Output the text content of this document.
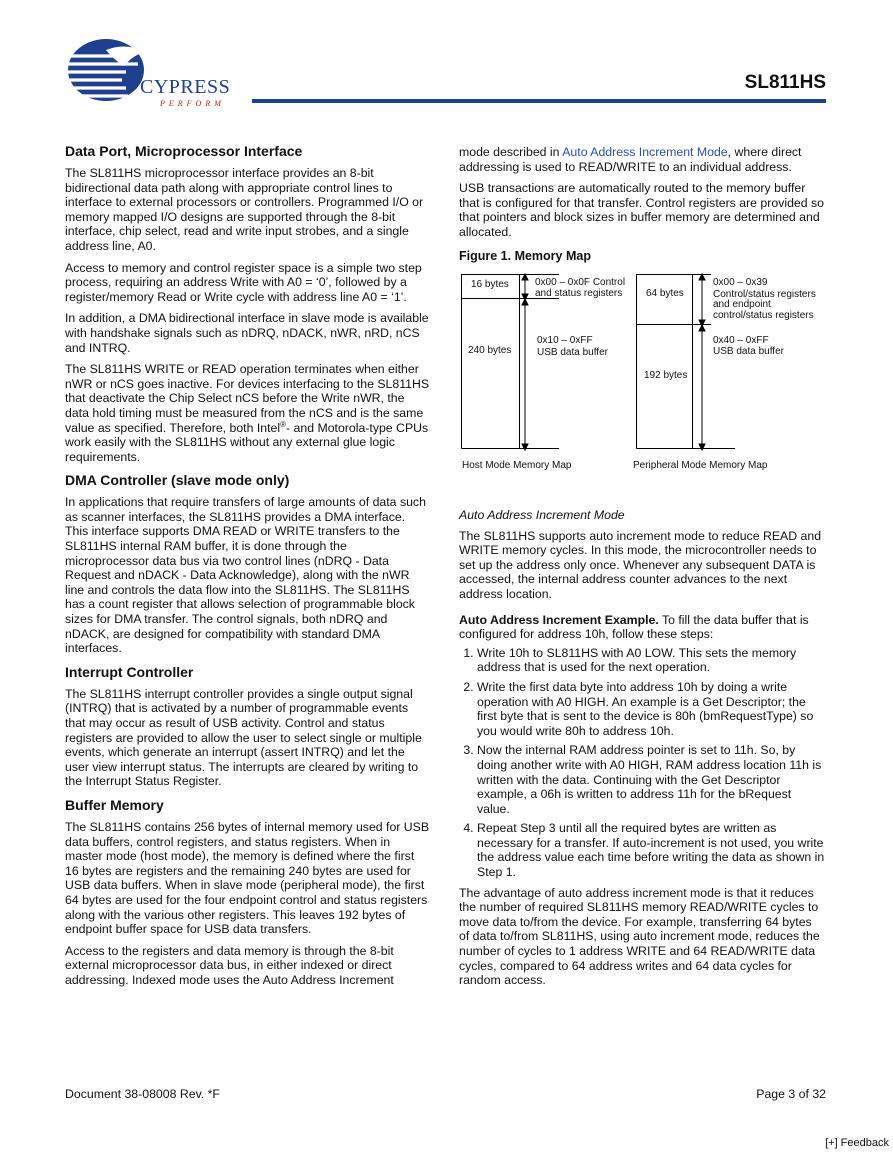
CYPRESS
PERFORM
SL811HS
Data Port, Microprocessor Interface

The SL811HS microprocessor interface provides an 8-bit bidirectional data path along with appropriate control lines to interface to external processors or controllers. Programmed I/O or memory mapped I/O designs are supported through the 8-bit interface, chip select, read and write input strobes, and a single address line, A0.

Access to memory and control register space is a simple two step process, requiring an address Write with A0 = ‘0’, followed by a register/memory Read or Write cycle with address line A0 = ‘1’.

In addition, a DMA bidirectional interface in slave mode is available with handshake signals such as nDRQ, nDACK, nWR, nRD, nCS and INTRQ.

The SL811HS WRITE or READ operation terminates when either nWR or nCS goes inactive. For devices interfacing to the SL811HS that deactivate the Chip Select nCS before the Write nWR, the data hold timing must be measured from the nCS and is the same value as specified. Therefore, both Intel®- and Motorola-type CPUs work easily with the SL811HS without any external glue logic requirements.

DMA Controller (slave mode only)

In applications that require transfers of large amounts of data such as scanner interfaces, the SL811HS provides a DMA interface. This interface supports DMA READ or WRITE transfers to the SL811HS internal RAM buffer, it is done through the microprocessor data bus via two control lines (nDRQ - Data Request and nDACK - Data Acknowledge), along with the nWR line and controls the data flow into the SL811HS. The SL811HS has a count register that allows selection of programmable block sizes for DMA transfer. The control signals, both nDRQ and nDACK, are designed for compatibility with standard DMA interfaces.

Interrupt Controller

The SL811HS interrupt controller provides a single output signal (INTRQ) that is activated by a number of programmable events that may occur as result of USB activity. Control and status registers are provided to allow the user to select single or multiple events, which generate an interrupt (assert INTRQ) and let the user view interrupt status. The interrupts are cleared by writing to the Interrupt Status Register.

Buffer Memory

The SL811HS contains 256 bytes of internal memory used for USB data buffers, control registers, and status registers. When in master mode (host mode), the memory is defined where the first 16 bytes are registers and the remaining 240 bytes are used for USB data buffers. When in slave mode (peripheral mode), the first 64 bytes are used for the four endpoint control and status registers along with the various other registers. This leaves 192 bytes of endpoint buffer space for USB data transfers.

Access to the registers and data memory is through the 8-bit external microprocessor data bus, in either indexed or direct addressing. Indexed mode uses the Auto Address Increment

mode described in Auto Address Increment Mode, where direct addressing is used to READ/WRITE to an individual address.

USB transactions are automatically routed to the memory buffer that is configured for that transfer. Control registers are provided so that pointers and block sizes in buffer memory are determined and allocated.

Figure 1. Memory Map
16 bytes	0x00 – 0x0F Control
and status registers
240 bytes
0x10 – 0xFF
USB data buffer
Host Mode Memory Map
64 bytes
0x00 – 0x39
Control/status registers
and endpoint
control/status registers
0x40 – 0xFF
USB data buffer
192 bytes
Peripheral Mode Memory Map

Auto Address Increment Mode

The SL811HS supports auto increment mode to reduce READ and WRITE memory cycles. In this mode, the microcontroller needs to set up the address only once. Whenever any subsequent DATA is accessed, the internal address counter advances to the next address location.

Auto Address Increment Example. To fill the data buffer that is configured for address 10h, follow these steps:

1. Write 10h to SL811HS with A0 LOW. This sets the memory address that is used for the next operation.
2. Write the first data byte into address 10h by doing a write operation with A0 HIGH. An example is a Get Descriptor; the first byte that is sent to the device is 80h (bmRequestType) so you would write 80h to address 10h.
3. Now the internal RAM address pointer is set to 11h. So, by doing another write with A0 HIGH, RAM address location 11h is written with the data. Continuing with the Get Descriptor example, a 06h is written to address 11h for the bRequest value.
4. Repeat Step 3 until all the required bytes are written as necessary for a transfer. If auto-increment is not used, you write the address value each time before writing the data as shown in Step 1.

The advantage of auto address increment mode is that it reduces the number of required SL811HS memory READ/WRITE cycles to move data to/from the device. For example, transferring 64 bytes of data to/from SL811HS, using auto increment mode, reduces the number of cycles to 1 address WRITE and 64 READ/WRITE data cycles, compared to 64 address writes and 64 data cycles for random access.

Document 38-08008 Rev. *F	Page 3 of 32
[+] Feedback
